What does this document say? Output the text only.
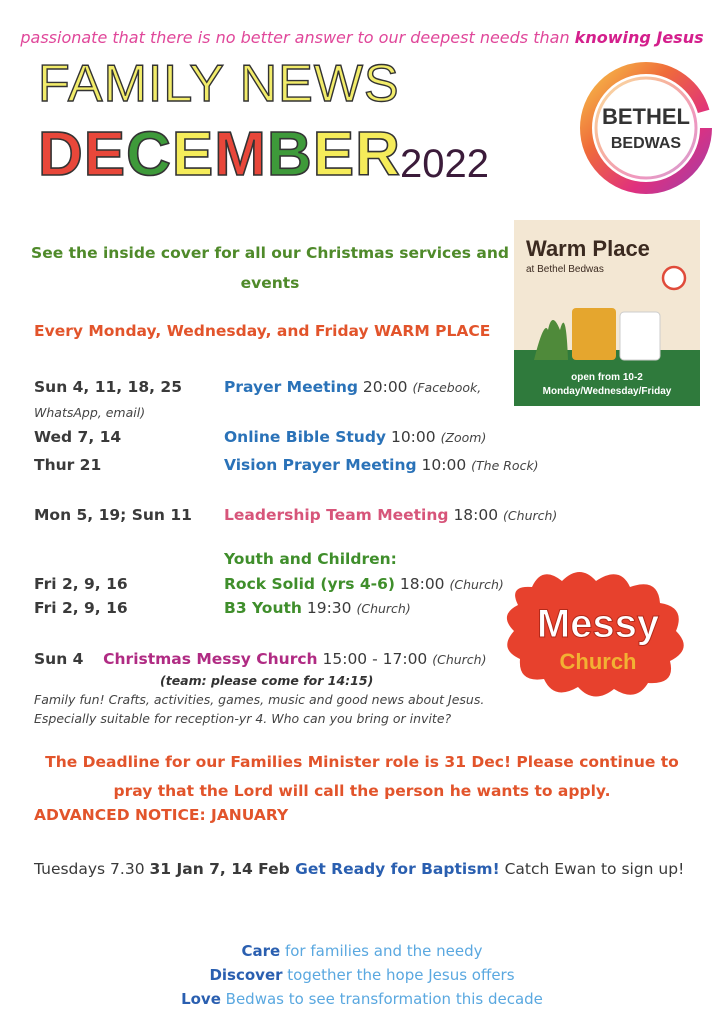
passionate that there is no better answer to our deepest needs than knowing Jesus
FAMILY NEWS
DECEMBER 2022
BETHEL
BEDWAS
See the inside cover for all our Christmas services and events
Warm Place
at Bethel Bedwas
open from 10-2
Monday/Wednesday/Friday
Every Monday, Wednesday, and Friday WARM PLACE
Sun 4, 11, 18, 25	Prayer Meeting 20:00 (Facebook,
WhatsApp, email)
Wed 7, 14	Online Bible Study 10:00 (Zoom)
Thur 21	Vision Prayer Meeting 10:00 (The Rock)
Mon 5, 19; Sun 11 Leadership Team Meeting 18:00 (Church)
Youth and Children:
Fri 2, 9, 16	Rock Solid (yrs 4-6) 18:00 (Church)
Fri 2, 9, 16	B3 Youth 19:30 (Church)
Sun 4 Christmas Messy Church 15:00 - 17:00 (Church)
(team: please come for 14:15)
Family fun! Crafts, activities, games, music and good news about Jesus.
Especially suitable for reception-yr 4. Who can you bring or invite?
Messy
Church
The Deadline for our Families Minister role is 31 Dec! Please continue to pray that the Lord will call the person he wants to apply.
ADVANCED NOTICE: JANUARY
Tuesdays 7.30 31 Jan 7, 14 Feb Get Ready for Baptism! Catch Ewan to sign up!
Care for families and the needy
Discover together the hope Jesus offers
Love Bedwas to see transformation this decade
